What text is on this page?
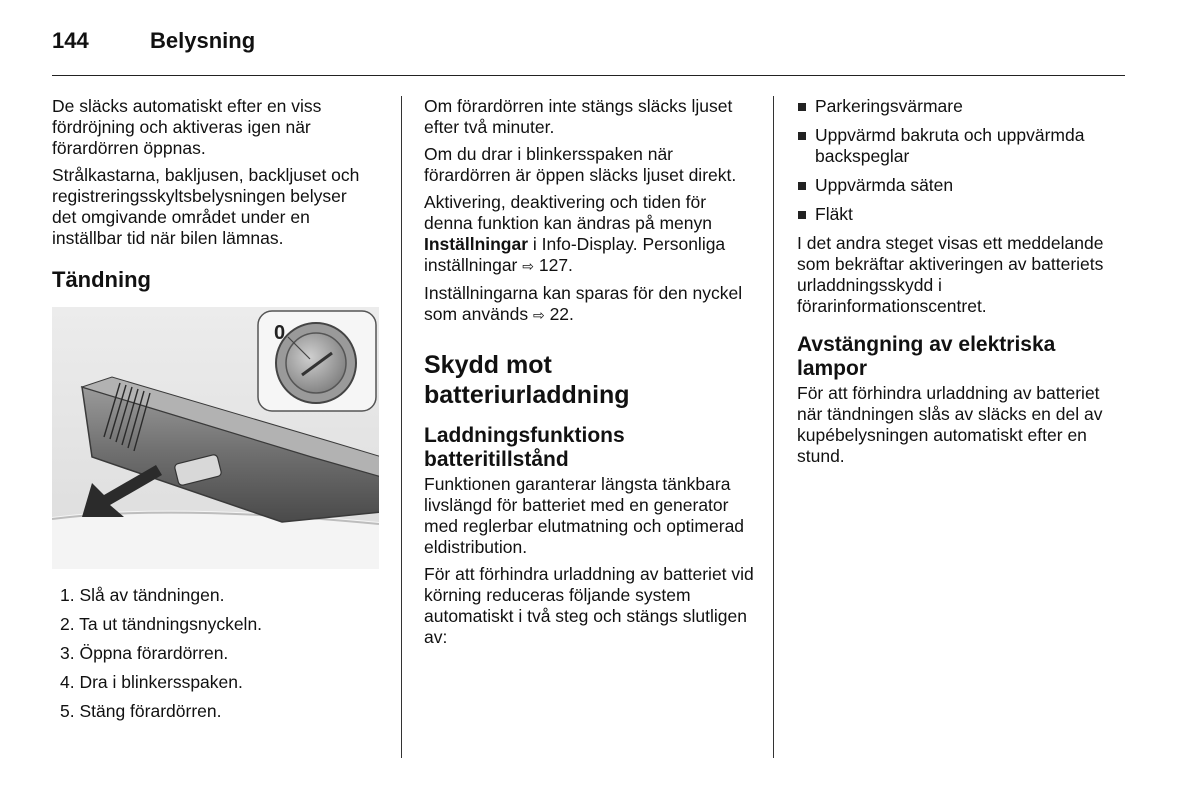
144	Belysning

De släcks automatiskt efter en viss fördröjning och aktiveras igen när förardörren öppnas.

Strålkastarna, bakljusen, backljuset och registreringsskyltsbelysningen belyser det omgivande området under en inställbar tid när bilen lämnas.

Tändning
0
1. Slå av tändningen.
2. Ta ut tändningsnyckeln.
3. Öppna förardörren.
4. Dra i blinkersspaken.
5. Stäng förardörren.

Om förardörren inte stängs släcks ljuset efter två minuter.

Om du drar i blinkersspaken när förardörren är öppen släcks ljuset direkt.

Aktivering, deaktivering och tiden för denna funktion kan ändras på menyn Inställningar i Info-Display. Personliga inställningar ⇨ 127.

Inställningarna kan sparas för den nyckel som används ⇨ 22.

Skydd mot batteriurladdning
Laddningsfunktions batteritillstånd

Funktionen garanterar längsta tänkbara livslängd för batteriet med en generator med reglerbar elutmatning och optimerad eldistribution.

För att förhindra urladdning av batteriet vid körning reduceras följande system automatiskt i två steg och stängs slutligen av:

Parkeringsvärmare
Uppvärmd bakruta och uppvärmda backspeglar
Uppvärmda säten
Fläkt

I det andra steget visas ett meddelande som bekräftar aktiveringen av batteriets urladdningsskydd i förarinformationscentret.

Avstängning av elektriska lampor

För att förhindra urladdning av batteriet när tändningen slås av släcks en del av kupébelysningen automatiskt efter en stund.
